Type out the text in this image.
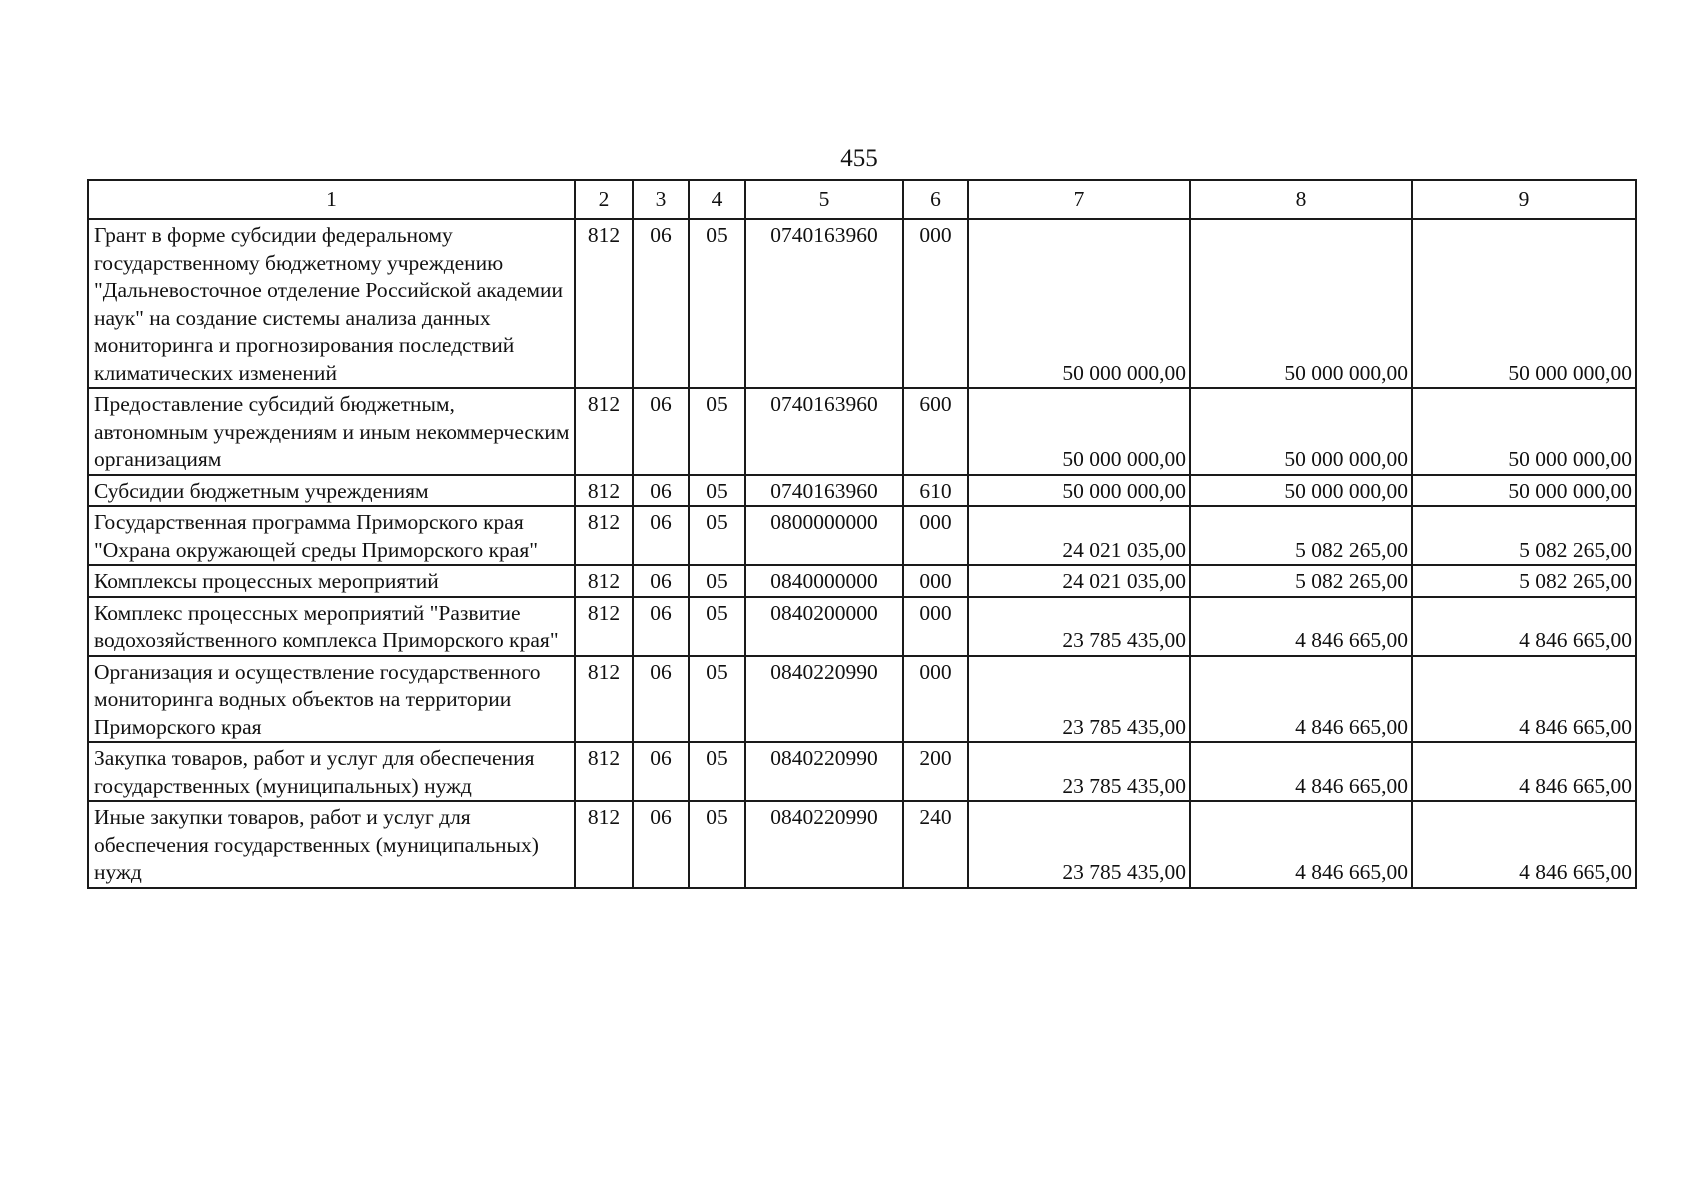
455
1	2	3	4	5	6	7	8	9
Грант в форме субсидии федеральному государственному бюджетному учреждению "Дальневосточное отделение Российской академии наук" на создание системы анализа данных мониторинга и прогнозирования последствий климатических изменений	812	06	05	0740163960	000	50 000 000,00	50 000 000,00	50 000 000,00
Предоставление субсидий бюджетным, автономным учреждениям и иным некоммерческим организациям	812	06	05	0740163960	600	50 000 000,00	50 000 000,00	50 000 000,00
Субсидии бюджетным учреждениям	812	06	05	0740163960	610	50 000 000,00	50 000 000,00	50 000 000,00
Государственная программа Приморского края "Охрана окружающей среды Приморского края"	812	06	05	0800000000	000	24 021 035,00	5 082 265,00	5 082 265,00
Комплексы процессных мероприятий	812	06	05	0840000000	000	24 021 035,00	5 082 265,00	5 082 265,00
Комплекс процессных мероприятий "Развитие водохозяйственного комплекса Приморского края"	812	06	05	0840200000	000	23 785 435,00	4 846 665,00	4 846 665,00
Организация и осуществление государственного мониторинга водных объектов на территории Приморского края	812	06	05	0840220990	000	23 785 435,00	4 846 665,00	4 846 665,00
Закупка товаров, работ и услуг для обеспечения государственных (муниципальных) нужд	812	06	05	0840220990	200	23 785 435,00	4 846 665,00	4 846 665,00
Иные закупки товаров, работ и услуг для обеспечения государственных (муниципальных) нужд	812	06	05	0840220990	240	23 785 435,00	4 846 665,00	4 846 665,00
